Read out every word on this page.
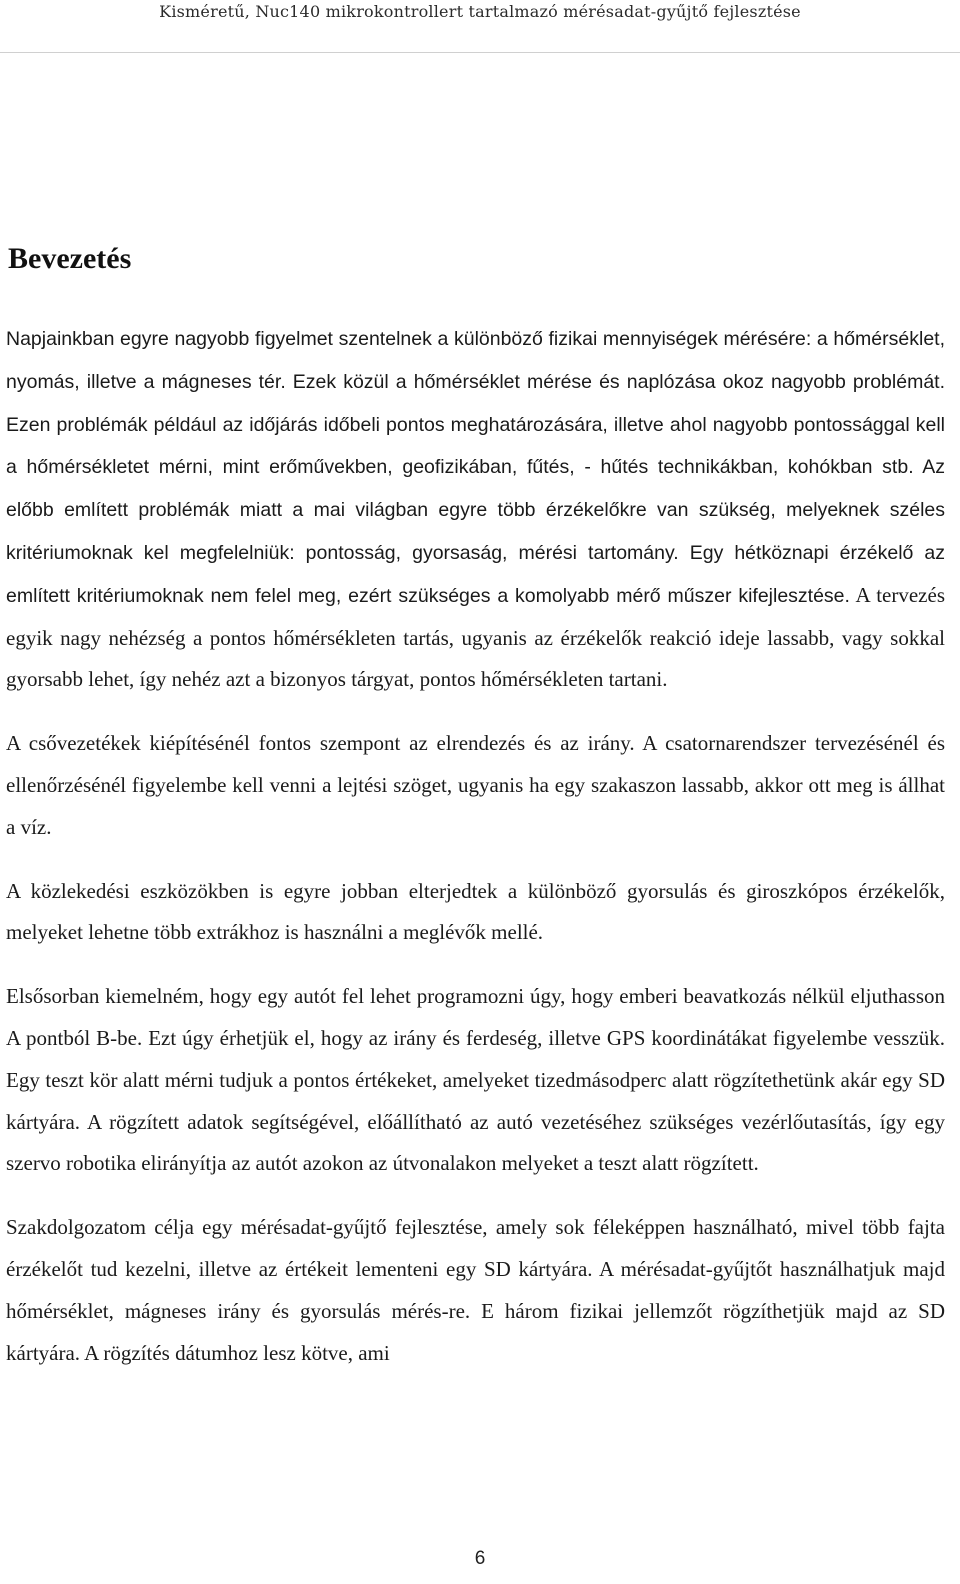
Kisméretű, Nuc140 mikrokontrollert tartalmazó mérésadat-gyűjtő fejlesztése
Bevezetés

Napjainkban egyre nagyobb figyelmet szentelnek a különböző fizikai mennyiségek mérésére: a hőmérséklet, nyomás, illetve a mágneses tér. Ezek közül a hőmérséklet mérése és naplózása okoz nagyobb problémát. Ezen problémák például az időjárás időbeli pontos meghatározására, illetve ahol nagyobb pontossággal kell a hőmérsékletet mérni, mint erőművekben, geofizikában, fűtés, - hűtés technikákban, kohókban stb. Az előbb említett problémák miatt a mai világban egyre több érzékelőkre van szükség, melyeknek széles kritériumoknak kel megfelelniük: pontosság, gyorsaság, mérési tartomány. Egy hétköznapi érzékelő az említett kritériumoknak nem felel meg, ezért szükséges a komolyabb mérő műszer kifejlesztése. A tervezés egyik nagy nehézség a pontos hőmérsékleten tartás, ugyanis az érzékelők reakció ideje lassabb, vagy sokkal gyorsabb lehet, így nehéz azt a bizonyos tárgyat, pontos hőmérsékleten tartani.

A csővezetékek kiépítésénél fontos szempont az elrendezés és az irány. A csatornarendszer tervezésénél és ellenőrzésénél figyelembe kell venni a lejtési szöget, ugyanis ha egy szakaszon lassabb, akkor ott meg is állhat a víz.

A közlekedési eszközökben is egyre jobban elterjedtek a különböző gyorsulás és giroszkópos érzékelők, melyeket lehetne több extrákhoz is használni a meglévők mellé.

Elsősorban kiemelném, hogy egy autót fel lehet programozni úgy, hogy emberi beavatkozás nélkül eljuthasson A pontból B-be. Ezt úgy érhetjük el, hogy az irány és ferdeség, illetve GPS koordinátákat figyelembe vesszük. Egy teszt kör alatt mérni tudjuk a pontos értékeket, amelyeket tizedmásodperc alatt rögzítethetünk akár egy SD kártyára. A rögzített adatok segítségével, előállítható az autó vezetéséhez szükséges vezérlőutasítás, így egy szervo robotika elirányítja az autót azokon az útvonalakon melyeket a teszt alatt rögzített.

Szakdolgozatom célja egy mérésadat-gyűjtő fejlesztése, amely sok féleképpen használható, mivel több fajta érzékelőt tud kezelni, illetve az értékeit lementeni egy SD kártyára. A mérésadat-gyűjtőt használhatjuk majd hőmérséklet, mágneses irány és gyorsulás mérés-re. E három fizikai jellemzőt rögzíthetjük majd az SD kártyára. A rögzítés dátumhoz lesz kötve, ami

6
